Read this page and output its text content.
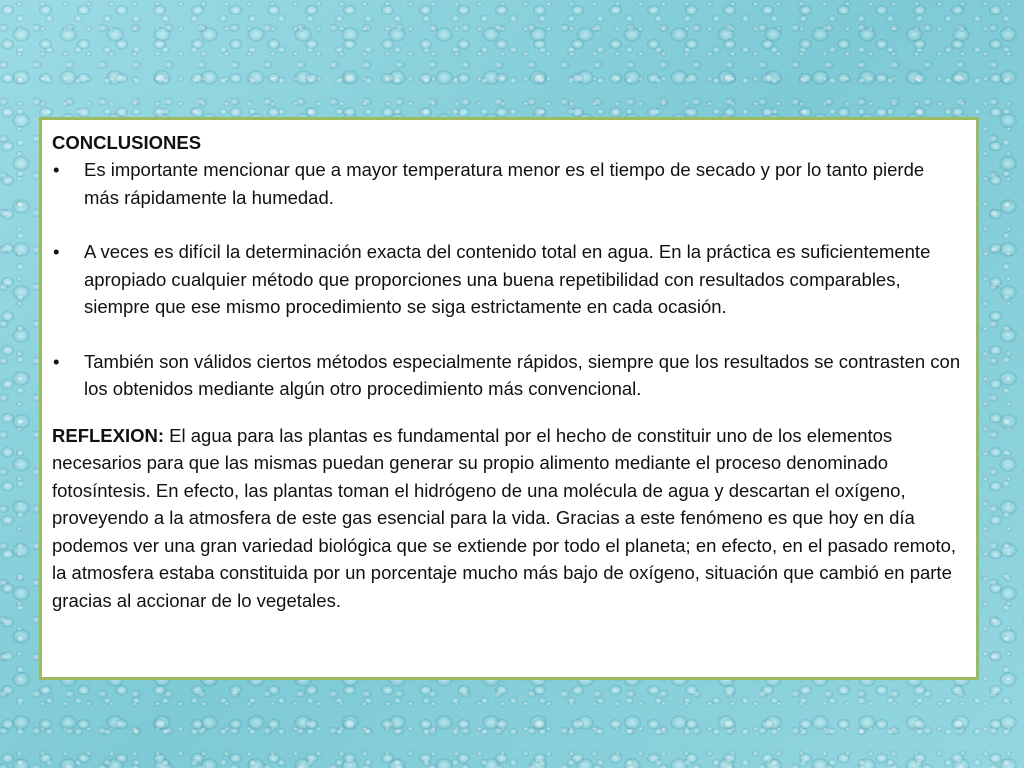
CONCLUSIONES
• Es importante mencionar que a mayor temperatura menor es el tiempo de secado y por lo tanto pierde más rápidamente la humedad.
• A veces es difícil la determinación exacta del contenido total en agua. En la práctica es suficientemente apropiado cualquier método que proporciones una buena repetibilidad con resultados comparables, siempre que ese mismo procedimiento se siga estrictamente en cada ocasión.
• También son válidos ciertos métodos especialmente rápidos, siempre que los resultados se contrasten con los obtenidos mediante algún otro procedimiento más convencional.

REFLEXION: El agua para las plantas es fundamental por el hecho de constituir uno de los elementos necesarios para que las mismas puedan generar su propio alimento mediante el proceso denominado fotosíntesis. En efecto, las plantas toman el hidrógeno de una molécula de agua y descartan el oxígeno, proveyendo a la atmosfera de este gas esencial para la vida. Gracias a este fenómeno es que hoy en día podemos ver una gran variedad biológica que se extiende por todo el planeta; en efecto, en el pasado remoto, la atmosfera estaba constituida por un porcentaje mucho más bajo de oxígeno, situación que cambió en parte gracias al accionar de lo vegetales.
